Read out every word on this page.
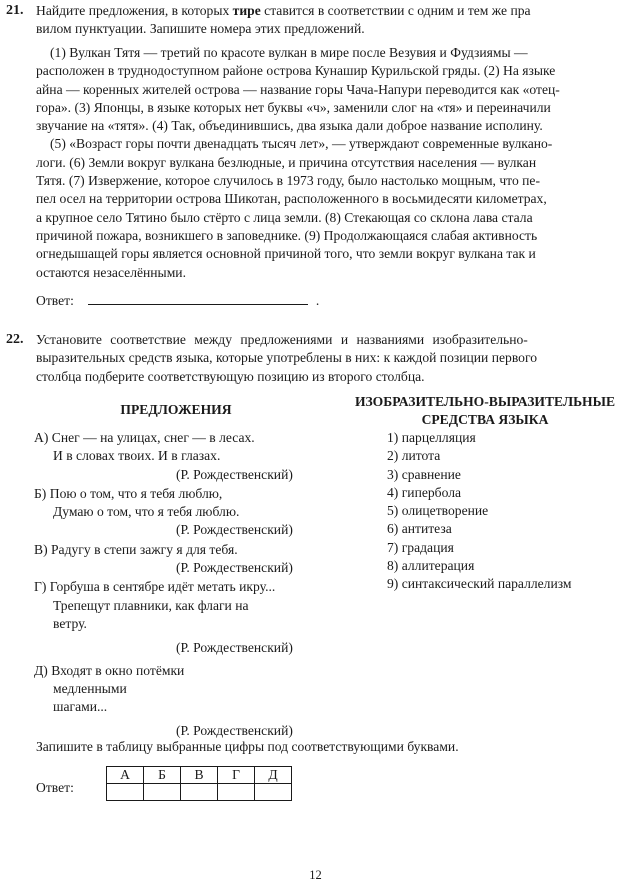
21. Найдите предложения, в которых тире ставится в соответствии с одним и тем же пра
вилом пунктуации. Запишите номера этих предложений.
(1) Вулкан Тятя — третий по красоте вулкан в мире после Везувия и Фудзиямы —
расположен в труднодоступном районе острова Кунашир Курильской гряды. (2) На языке
айна — коренных жителей острова — название горы Чача-Напури переводится как «отец-
гора». (3) Японцы, в языке которых нет буквы «ч», заменили слог на «тя» и переиначили
звучание на «тятя». (4) Так, объединившись, два языка дали доброе название исполину.
(5) «Возраст горы почти двенадцать тысяч лет», — утверждают современные вулкано-
логи. (6) Земли вокруг вулкана безлюдные, и причина отсутствия населения — вулкан
Тятя. (7) Извержение, которое случилось в 1973 году, было настолько мощным, что пе-
пел осел на территории острова Шикотан, расположенного в восьмидесяти километрах,
а крупное село Тятино было стёрто с лица земли. (8) Стекающая со склона лава стала
причиной пожара, возникшего в заповеднике. (9) Продолжающаяся слабая активность
огнедышащей горы является основной причиной того, что земли вокруг вулкана так и
остаются незаселёнными.
Ответ:	.
22. Установите соответствие между предложениями и названиями изобразительно-
выразительных средств языка, которые употреблены в них: к каждой позиции первого
столбца подберите соответствующую позицию из второго столбца.
ПРЕДЛОЖЕНИЯ
ИЗОБРАЗИТЕЛЬНО-ВЫРАЗИТЕЛЬНЫЕ
СРЕДСТВА ЯЗЫКА
А) Снег — на улицах, снег — в лесах.
И в словах твоих. И в глазах.
(Р. Рождественский)
Б) Пою о том, что я тебя люблю,
Думаю о том, что я тебя люблю.
(Р. Рождественский)
В) Радугу в степи зажгу я для тебя.
(Р. Рождественский)
Г) Горбуша в сентябре идёт метать икру...
Трепещут плавники, как флаги на
ветру.
(Р. Рождественский)
Д) Входят в окно потёмки
медленными
шагами...
(Р. Рождественский)
1) парцелляция
2) литота
3) сравнение
4) гипербола
5) олицетворение
6) антитеза
7) градация
8) аллитерация
9) синтаксический параллелизм
Запишите в таблицу выбранные цифры под соответствующими буквами.
Ответ:
А	Б	В	Г	Д

12
